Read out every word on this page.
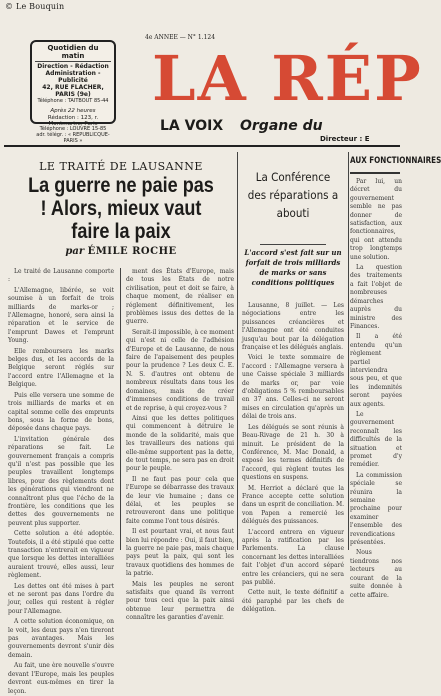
© Le Bouquin
4e ANNEE — N° 1.124
Quotidien du matin
Direction - Rédaction
Administration - Publicité
42, RUE FLACHER, PARIS (9e)
Téléphone : TAITBOUT 85-44
Après 22 heures
Rédaction : 123, r. Montmartre, Paris
Téléphone : LOUVRE 15-85
adr. télégr. : « REPUBLICQUE-PARIS »
LA RÉP
LA VOIX Organe du
Directeur : E
LE TRAITÉ DE LAUSANNE
La guerre ne paie pas ! Alors, mieux vaut faire la paix
par ÉMILE ROCHE

Le traité de Lausanne comporte :

L'Allemagne, libérée, se voit soumise à un forfait de trois milliards de marks-or ; l'Allemagne, honoré, sera ainsi la réparation et le service de l'emprunt Dawes et l'emprunt Young.

Elle remboursera les marks belges dus, et les accords de la Belgique seront réglés sur l'accord entre l'Allemagne et la Belgique.

Puis elle versera une somme de trois milliards de marks et en capital somme celle des emprunts bons, sous la forme de bons, déposée dans chaque pays.

L'invitation générale des réparations se fait. Le gouvernement français a compris qu'il n'est pas possible que les peuples travaillent longtemps libres, pour des règlements dont les générations qui viendront ne connaîtront plus que l'écho de la frontière, les conditions que les dettes des gouvernements ne peuvent plus supporter.

Cette solution a été adoptée. Toutefois, il a été stipulé que cette transaction n'entrerait en vigueur que lorsque les dettes interalliées auraient trouvé, elles aussi, leur règlement.

Les dettes ont été mises à part et ne seront pas dans l'ordre du jour, celles qui restent à régler pour l'Allemagne.

A cette solution économique, on le voit, les deux pays n'en tireront pas avantages. Mais les gouvernements devront s'unir dès demain.

Au fait, une ère nouvelle s'ouvre devant l'Europe, mais les peuples devront eux-mêmes en tirer la leçon.

ment des États d'Europe, mais de tous les États de notre civilisation, peut et doit se faire, à chaque moment, de réaliser en réglement définitivement, les problèmes issus des dettes de la guerre.

Serait-il impossible, à ce moment qui n'est ni celle de l'adhésion d'Europe et de Lausanne, de nous faire de l'apaisement des peuples pour la prudence ? Les deux C. E. N. S. d'autres ont obtenu de nombreux résultats dans tous les domaines, mais de créer d'immenses conditions de travail et de reprise, à qui croyez-vous ?

Ainsi que les dettes politiques qui commencent à détruire le monde de la solidarité, mais que les travailleurs des nations qui elle-même supportent pas la dette, de tout temps, ne sera pas en droit pour le peuple.

Il ne faut pas pour cela que l'Europe se débarrasse des travaux de leur vie humaine ; dans ce délai, et les peuples se retrouveront dans une politique faite comme l'ont tous désirés.

Il est pourtant vrai, et nous faut bien lui répondre : Oui, il faut bien, la guerre ne paie pas, mais chaque pays peut la paix, qui sont les travaux quotidiens des hommes de la patrie.

Mais les peuples ne seront satisfaits que quand ils verront pour tous ceci que la paix ainsi obtenue leur permettra de connaître les garanties d'avenir.

La Conférence des réparations a abouti
L'accord s'est fait sur un forfait de trois milliards de marks or sans conditions politiques

Lausanne, 8 juillet. — Les négociations entre les puissances créancières et l'Allemagne ont été conduites jusqu'au bout par la délégation française et les délégués anglais.

Voici le texte sommaire de l'accord : l'Allemagne versera à une Caisse spéciale 3 milliards de marks or, par voie d'obligations 5 % remboursables en 37 ans. Celles-ci ne seront mises en circulation qu'après un délai de trois ans.

Les délégués se sont réunis à Beau-Rivage de 21 h. 30 à minuit. Le président de la Conférence, M. Mac Donald, a exposé les termes définitifs de l'accord, qui règlent toutes les questions en suspens.

M. Herriot a déclaré que la France accepte cette solution dans un esprit de conciliation. M. von Papen a remercié les délégués des puissances.

L'accord entrera en vigueur après la ratification par les Parlements. La clause concernant les dettes interalliées fait l'objet d'un accord séparé entre les créanciers, qui ne sera pas publié.

Cette nuit, le texte définitif a été paraphé par les chefs de délégation.

AUX FONCTIONNAIRES

Par lui, un décret du gouvernement semble ne pas donner de satisfaction, aux fonctionnaires, qui ont attendu trop longtemps une solution.

La question des traitements a fait l'objet de nombreuses démarches auprès du ministre des Finances.

Il a été entendu qu'un règlement partiel interviendra sous peu, et que les indemnités seront payées aux agents.

Le gouvernement reconnaît les difficultés de la situation et promet d'y remédier.

La commission spéciale se réunira la semaine prochaine pour examiner l'ensemble des revendications présentées.

Nous tiendrons nos lecteurs au courant de la suite donnée à cette affaire.
